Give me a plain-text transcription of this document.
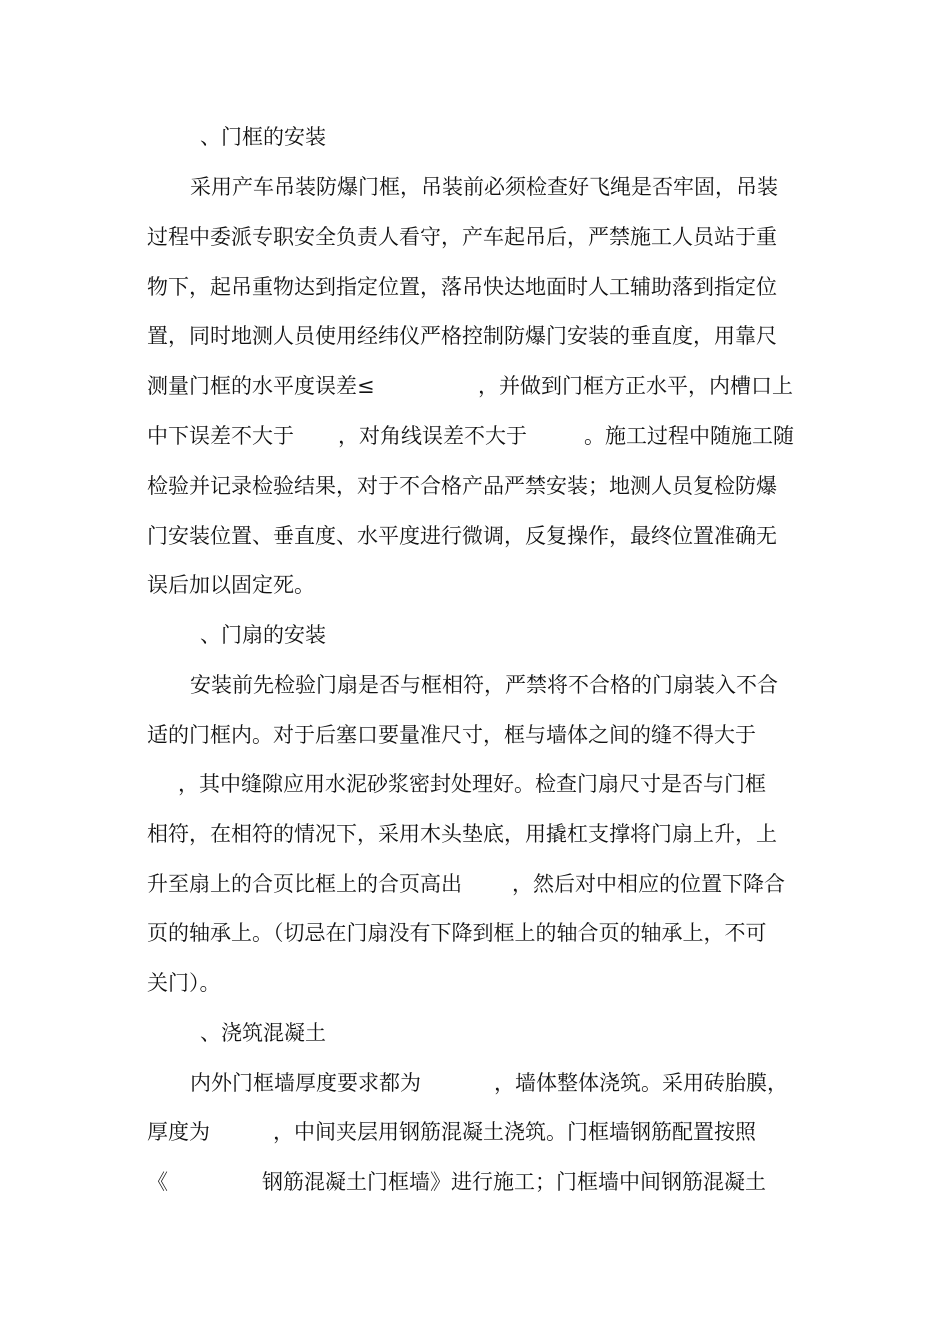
、门框的安装

采用产车吊装防爆门框，吊装前必须检查好飞绳是否牢固，吊装

过程中委派专职安全负责人看守，产车起吊后，严禁施工人员站于重

物下，起吊重物达到指定位置，落吊快达地面时人工辅助落到指定位

置，同时地测人员使用经纬仪严格控制防爆门安装的垂直度，用靠尺

测量门框的水平度误差≤	，并做到门框方正水平，内槽口上

中下误差不大于 ，对角线误差不大于	。施工过程中随施工随

检验并记录检验结果，对于不合格产品严禁安装；地测人员复检防爆

门安装位置、垂直度、水平度进行微调，反复操作，最终位置准确无

误后加以固定死。

、门扇的安装

安装前先检验门扇是否与框相符，严禁将不合格的门扇装入不合

适的门框内。对于后塞口要量准尺寸，框与墙体之间的缝不得大于

，其中缝隙应用水泥砂浆密封处理好。检查门扇尺寸是否与门框

相符，在相符的情况下，采用木头垫底，用撬杠支撑将门扇上升，上

升至扇上的合页比框上的合页高出 ，然后对中相应的位置下降合

页的轴承上。（切忌在门扇没有下降到框上的轴合页的轴承上，不可

关门）。

、浇筑混凝土

内外门框墙厚度要求都为	，墙体整体浇筑。采用砖胎膜，

厚度为	，中间夹层用钢筋混凝土浇筑。门框墙钢筋配置按照

《	钢筋混凝土门框墙》进行施工；门框墙中间钢筋混凝土
